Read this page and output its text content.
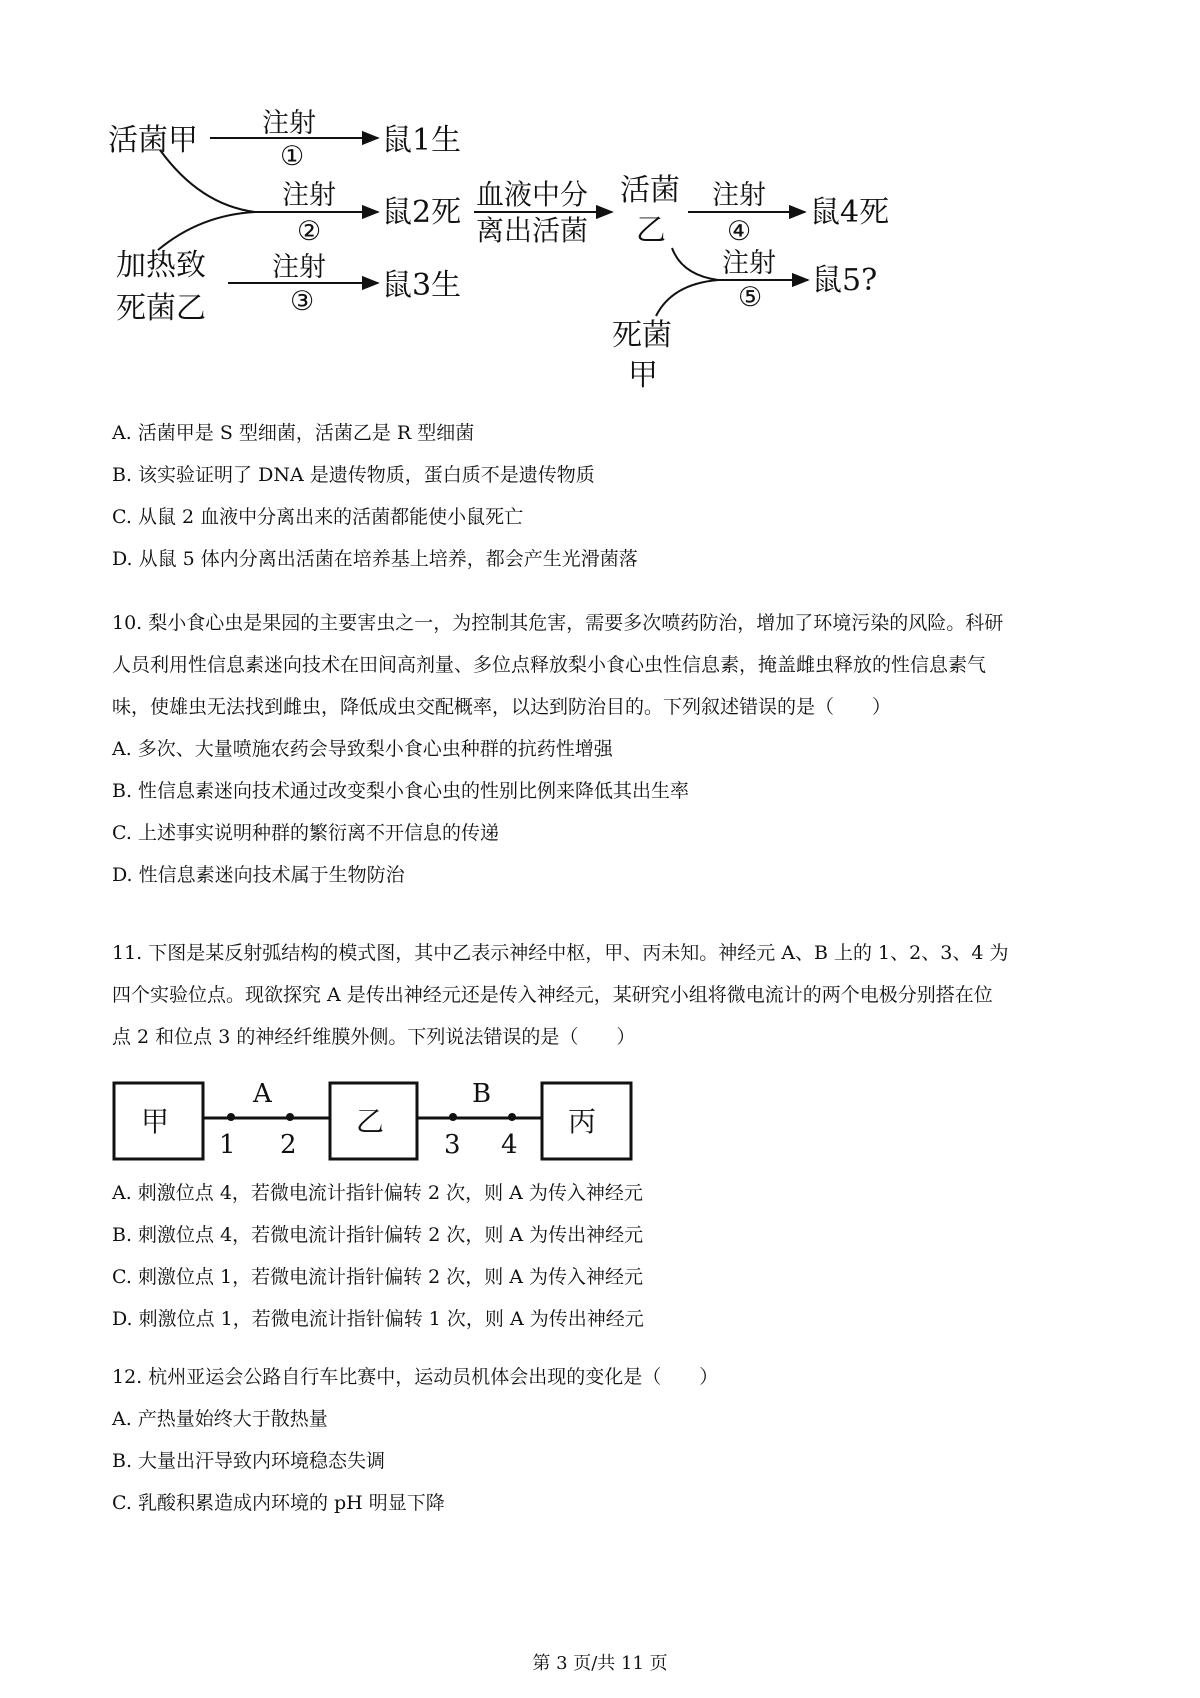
活菌甲
加热致
死菌乙
注射
①	鼠1生
注射
②
鼠2死
注射
③ 鼠3生
血液中分
离出活菌
活菌
乙
注射
④
鼠4死
注射
⑤ 鼠5?
死菌
甲
A. 活菌甲是 S 型细菌，活菌乙是 R 型细菌
B. 该实验证明了 DNA 是遗传物质，蛋白质不是遗传物质
C. 从鼠 2 血液中分离出来的活菌都能使小鼠死亡
D. 从鼠 5 体内分离出活菌在培养基上培养，都会产生光滑菌落
10. 梨小食心虫是果园的主要害虫之一，为控制其危害，需要多次喷药防治，增加了环境污染的风险。科研
人员利用性信息素迷向技术在田间高剂量、多位点释放梨小食心虫性信息素，掩盖雌虫释放的性信息素气
味，使雄虫无法找到雌虫，降低成虫交配概率，以达到防治目的。下列叙述错误的是（　　）
A. 多次、大量喷施农药会导致梨小食心虫种群的抗药性增强
B. 性信息素迷向技术通过改变梨小食心虫的性别比例来降低其出生率
C. 上述事实说明种群的繁衍离不开信息的传递
D. 性信息素迷向技术属于生物防治
11. 下图是某反射弧结构的模式图，其中乙表示神经中枢，甲、丙未知。神经元 A、B 上的 1、2、3、4 为
四个实验位点。现欲探究 A 是传出神经元还是传入神经元，某研究小组将微电流计的两个电极分别搭在位
点 2 和位点 3 的神经纤维膜外侧。下列说法错误的是（　　）
甲
A
1 2
乙
B
3 4
丙
A. 刺激位点 4，若微电流计指针偏转 2 次，则 A 为传入神经元
B. 刺激位点 4，若微电流计指针偏转 2 次，则 A 为传出神经元
C. 刺激位点 1，若微电流计指针偏转 2 次，则 A 为传入神经元
D. 刺激位点 1，若微电流计指针偏转 1 次，则 A 为传出神经元
12. 杭州亚运会公路自行车比赛中，运动员机体会出现的变化是（　　）
A. 产热量始终大于散热量
B. 大量出汗导致内环境稳态失调
C. 乳酸积累造成内环境的 pH 明显下降
第 3 页/共 11 页
